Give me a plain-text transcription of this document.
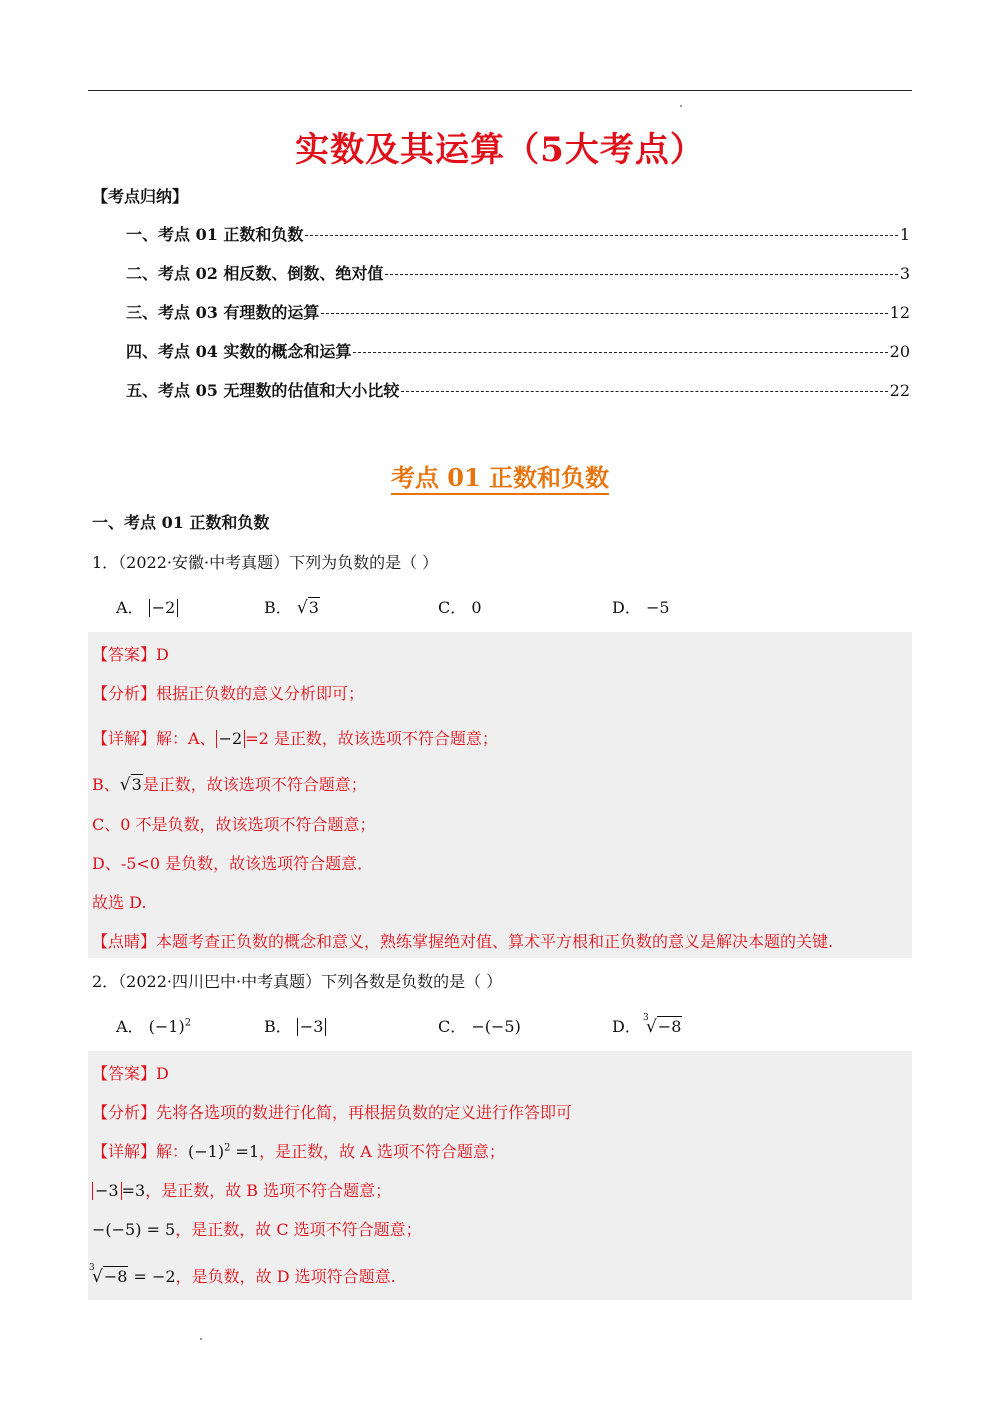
实数及其运算（5大考点）
【考点归纳】
一、考点 01 正数和负数	1
二、考点 02 相反数、倒数、绝对值	3
三、考点 03 有理数的运算	12
四、考点 04 实数的概念和运算	20
五、考点 05 无理数的估值和大小比较	22
考点 01 正数和负数
一、考点 01 正数和负数
1．（2022·安徽·中考真题）下列为负数的是（ ）
A． −2	B． √3	C． 0	D． −5
【答案】D
【分析】根据正负数的意义分析即可；
【详解】解：A、 −2 =2 是正数，故该选项不符合题意；
B、√3是正数，故该选项不符合题意；
C、0 不是负数，故该选项不符合题意；
D、-5<0 是负数，故该选项符合题意．
故选 D.
【点睛】本题考查正负数的概念和意义，熟练掌握绝对值、算术平方根和正负数的意义是解决本题的关键.
2．（2022·四川巴中·中考真题）下列各数是负数的是（ ）
A． $(-1)^2$	B． −3	C． −(−5)	D． 3
√−8
【答案】D
【分析】先将各选项的数进行化简，再根据负数的定义进行作答即可
【详解】解：$(-1)^2 =1$，是正数，故 A 选项不符合题意；
−3 =3，是正数，故 B 选项不符合题意；
−(−5) = 5，是正数，故 C 选项不符合题意；
3
√−8 = −2，是负数，故 D 选项符合题意.
